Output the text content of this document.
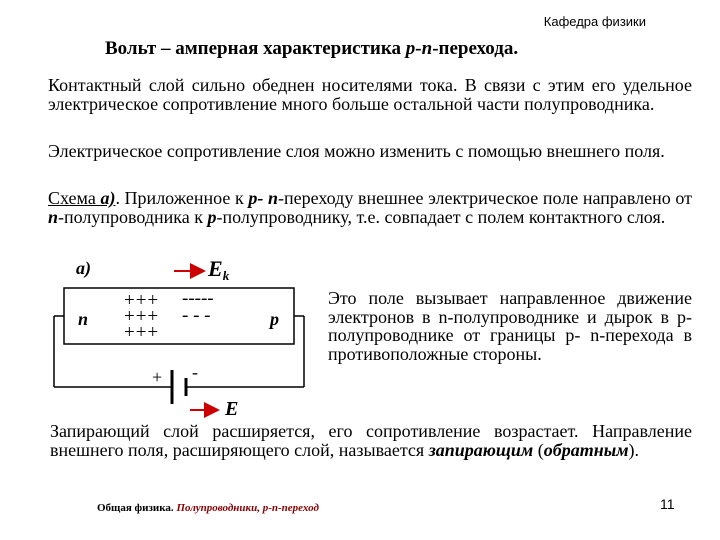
Кафедра физики
Вольт – амперная характеристика p-n-перехода.
Контактный слой сильно обеднен носителями тока. В связи с этим его удельное электрическое сопротивление много больше остальной части полупроводника.
Электрическое сопротивление слоя можно изменить с помощью внешнего поля.
Схема а). Приложенное к р- n-переходу внешнее электрическое поле направлено от n-полупроводника к р-полупроводнику, т.е. совпадает с полем контактного слоя.
а)	Ek
n	p
+++
+++
+++
-----
- - -
+ -
E
Это поле вызывает направленное движение электронов в n-полупроводнике и дырок в p-полупроводнике от границы p- n-перехода в противоположные стороны.
Запирающий слой расширяется, его сопротивление возрастает. Направление внешнего поля, расширяющего слой, называется запирающим (обратным).
Общая физика. Полупроводники, p-n-переход	11
